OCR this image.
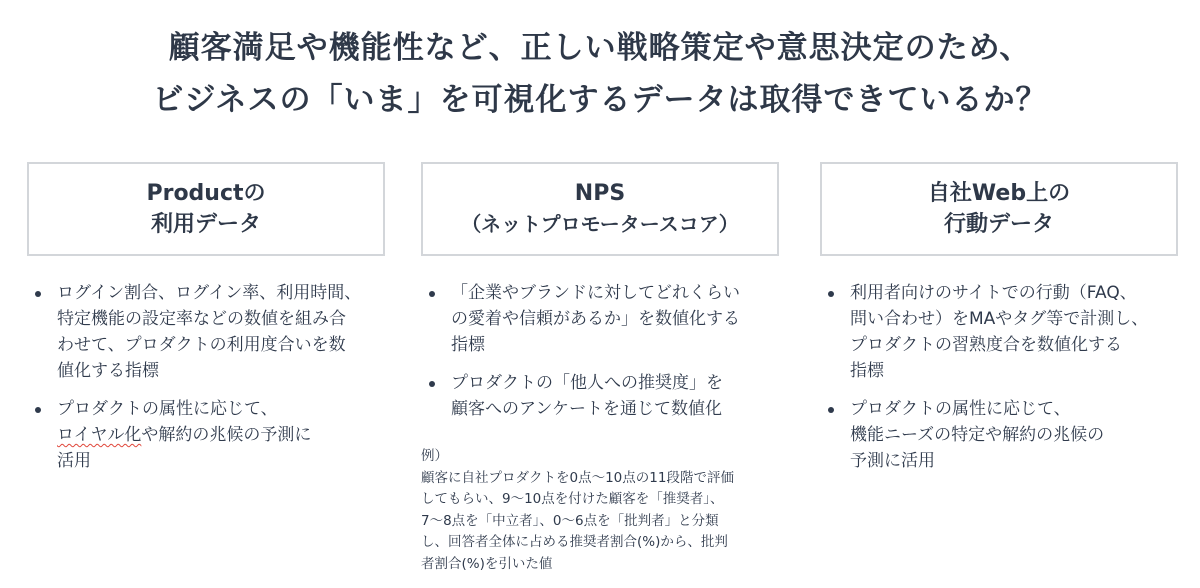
顧客満足や機能性など、正しい戦略策定や意思決定のため、
ビジネスの「いま」を可視化するデータは取得できているか？
Productの
利用データ
ログイン割合、ログイン率、利用時間、
特定機能の設定率などの数値を組み合
わせて、プロダクトの利用度合いを数
値化する指標
プロダクトの属性に応じて、
ロイヤル化や解約の兆候の予測に
活用
NPS
（ネットプロモータースコア）
「企業やブランドに対してどれくらい
の愛着や信頼があるか」を数値化する
指標
プロダクトの「他人への推奨度」を
顧客へのアンケートを通じて数値化
例）
顧客に自社プロダクトを0点〜10点の11段階で評価
してもらい、9〜10点を付けた顧客を「推奨者」、
7〜8点を「中立者」、0〜6点を「批判者」と分類
し、回答者全体に占める推奨者割合(%)から、批判
者割合(%)を引いた値
自社Web上の
行動データ
利用者向けのサイトでの行動（FAQ、
問い合わせ）をMAやタグ等で計測し、
プロダクトの習熟度合を数値化する
指標
プロダクトの属性に応じて、
機能ニーズの特定や解約の兆候の
予測に活用
